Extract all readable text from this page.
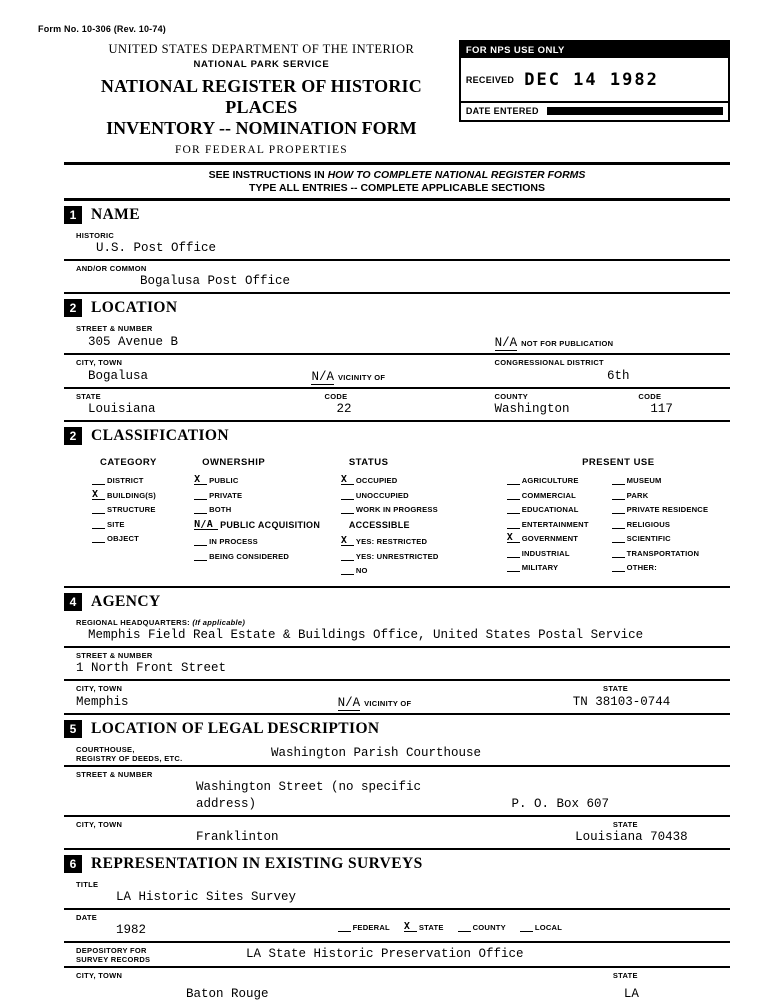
Form No. 10-306 (Rev. 10-74)
UNITED STATES DEPARTMENT OF THE INTERIOR
NATIONAL PARK SERVICE
NATIONAL REGISTER OF HISTORIC PLACES
INVENTORY -- NOMINATION FORM
FOR FEDERAL PROPERTIES
FOR NPS USE ONLY
RECEIVED DEC 14 1982
DATE ENTERED
SEE INSTRUCTIONS IN HOW TO COMPLETE NATIONAL REGISTER FORMS
TYPE ALL ENTRIES -- COMPLETE APPLICABLE SECTIONS
1 NAME
HISTORIC
U.S. Post Office
AND/OR COMMON
Bogalusa Post Office
2 LOCATION
STREET & NUMBER
305 Avenue B	N/A NOT FOR PUBLICATION
CITY, TOWN	CONGRESSIONAL DISTRICT
Bogalusa	N/A VICINITY OF	6th
STATE	CODE	COUNTY	CODE
Louisiana	22	Washington	117
2 CLASSIFICATION
CATEGORY
DISTRICT
X	BUILDING(S)
STRUCTURE
SITE
OBJECT
OWNERSHIP
X	PUBLIC
PRIVATE
BOTH
N/A PUBLIC ACQUISITION
IN PROCESS
BEING CONSIDERED
STATUS
X	OCCUPIED
UNOCCUPIED
WORK IN PROGRESS
ACCESSIBLE
X	YES: RESTRICTED
YES: UNRESTRICTED
NO
PRESENT USE
AGRICULTURE
COMMERCIAL
EDUCATIONAL
ENTERTAINMENT
X	GOVERNMENT
INDUSTRIAL
MILITARY
MUSEUM
PARK
PRIVATE RESIDENCE
RELIGIOUS
SCIENTIFIC
TRANSPORTATION
OTHER:
4 AGENCY
REGIONAL HEADQUARTERS: (If applicable)
Memphis Field Real Estate & Buildings Office, United States Postal Service
STREET & NUMBER
1 North Front Street
CITY, TOWN	STATE
Memphis	N/A VICINITY OF	TN 38103-0744
5 LOCATION OF LEGAL DESCRIPTION
COURTHOUSE,
REGISTRY OF DEEDS, ETC.	Washington Parish Courthouse
STREET & NUMBER
Washington Street (no specific address)	P. O. Box 607
CITY, TOWN	STATE
Franklinton	Louisiana 70438
6 REPRESENTATION IN EXISTING SURVEYS
TITLE
LA Historic Sites Survey
DATE
1982	FEDERAL X	STATE	COUNTY	LOCAL
DEPOSITORY FOR
SURVEY RECORDS	LA State Historic Preservation Office
CITY, TOWN	STATE
Baton Rouge	LA
